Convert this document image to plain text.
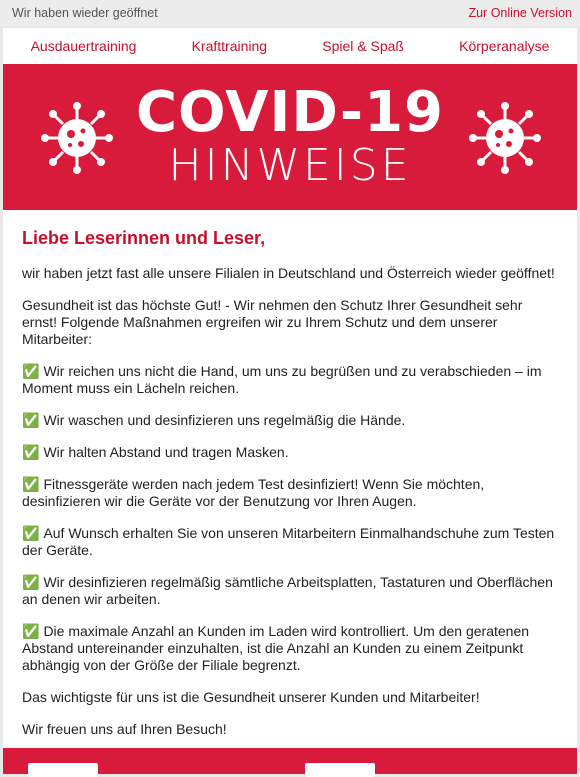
Wir haben wieder geöffnet	Zur Online Version
Ausdauertraining	Krafttraining	Spiel & Spaß	Körperanalyse
COVID-19
HINWEISE
Liebe Leserinnen und Leser,

wir haben jetzt fast alle unsere Filialen in Deutschland und Österreich wieder geöffnet!

Gesundheit ist das höchste Gut! - Wir nehmen den Schutz Ihrer Gesundheit sehr ernst! Folgende Maßnahmen ergreifen wir zu Ihrem Schutz und dem unserer Mitarbeiter:

✅ Wir reichen uns nicht die Hand, um uns zu begrüßen und zu verabschieden – im Moment muss ein Lächeln reichen.

✅ Wir waschen und desinfizieren uns regelmäßig die Hände.

✅ Wir halten Abstand und tragen Masken.

✅ Fitnessgeräte werden nach jedem Test desinfiziert! Wenn Sie möchten, desinfizieren wir die Geräte vor der Benutzung vor Ihren Augen.

✅ Auf Wunsch erhalten Sie von unseren Mitarbeitern Einmalhandschuhe zum Testen der Geräte.

✅ Wir desinfizieren regelmäßig sämtliche Arbeitsplatten, Tastaturen und Oberflächen an denen wir arbeiten.

✅ Die maximale Anzahl an Kunden im Laden wird kontrolliert. Um den geratenen Abstand untereinander einzuhalten, ist die Anzahl an Kunden zu einem Zeitpunkt abhängig von der Größe der Filiale begrenzt.

Das wichtigste für uns ist die Gesundheit unserer Kunden und Mitarbeiter!

Wir freuen uns auf Ihren Besuch!
